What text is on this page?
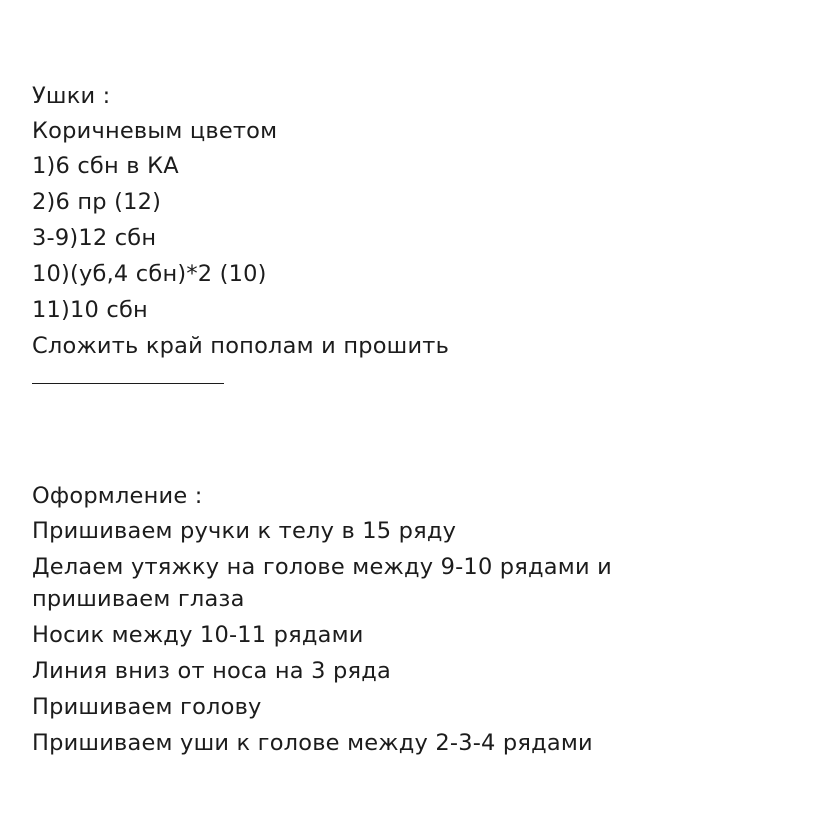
Ушки :
Коричневым цветом
1)6 сбн в КА
2)6 пр (12)
3-9)12 сбн
10)(уб,4 сбн)*2 (10)
11)10 сбн
Сложить край пополам и прошить
Оформление :
Пришиваем ручки к телу в 15 ряду
Делаем утяжку на голове между 9-10 рядами и
пришиваем глаза
Носик между 10-11 рядами
Линия вниз от носа на 3 ряда
Пришиваем голову
Пришиваем уши к голове между 2-3-4 рядами
